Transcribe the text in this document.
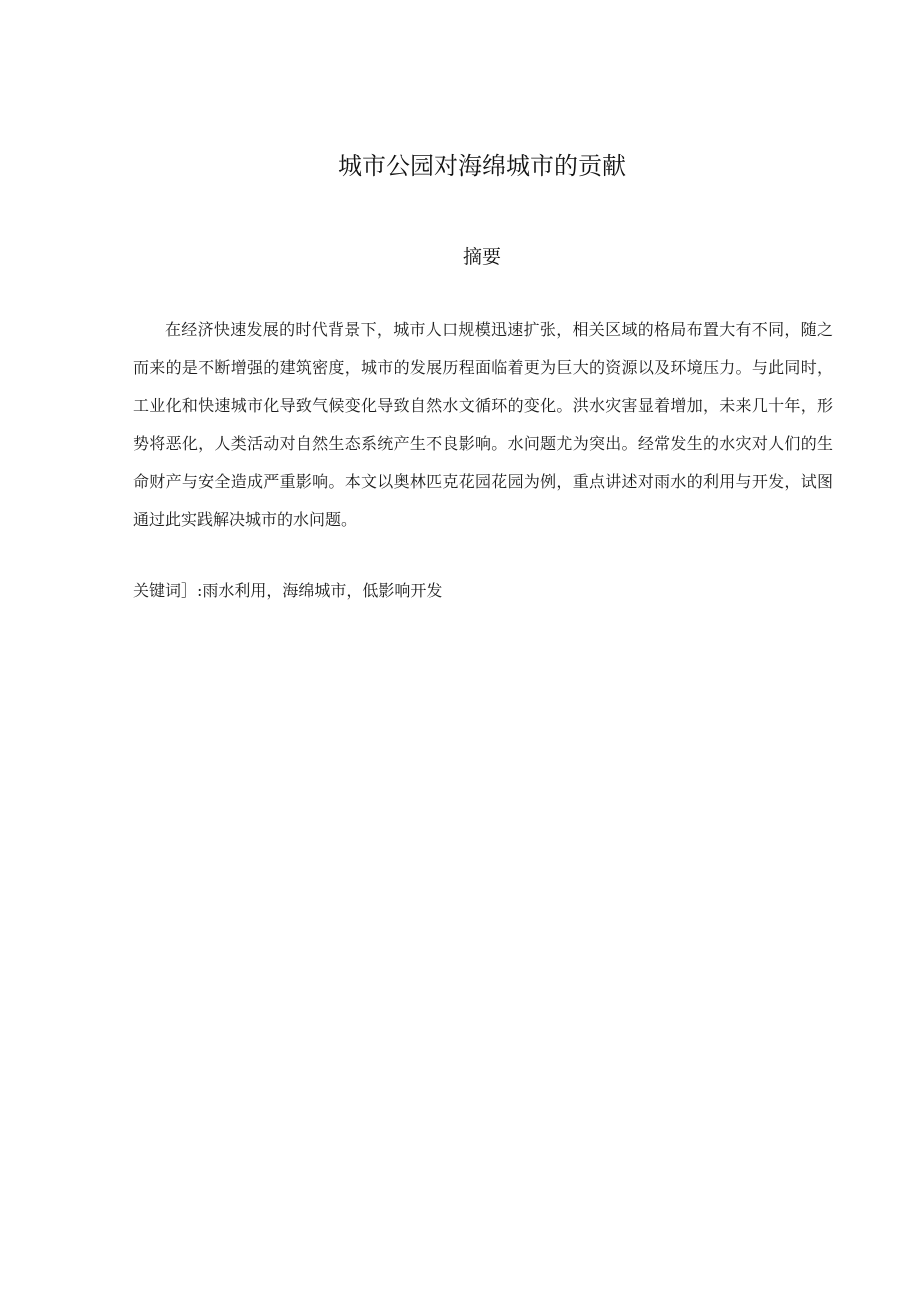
城市公园对海绵城市的贡献
摘要

在经济快速发展的时代背景下，城市人口规模迅速扩张，相关区域的格局布置大有不同，随之而来的是不断增强的建筑密度，城市的发展历程面临着更为巨大的资源以及环境压力。与此同时，工业化和快速城市化导致气候变化导致自然水文循环的变化。洪水灾害显着增加，未来几十年，形势将恶化，人类活动对自然生态系统产生不良影响。水问题尤为突出。经常发生的水灾对人们的生命财产与安全造成严重影响。本文以奥林匹克花园花园为例，重点讲述对雨水的利用与开发，试图通过此实践解决城市的水问题。

关键词］:雨水利用，海绵城市，低影响开发
